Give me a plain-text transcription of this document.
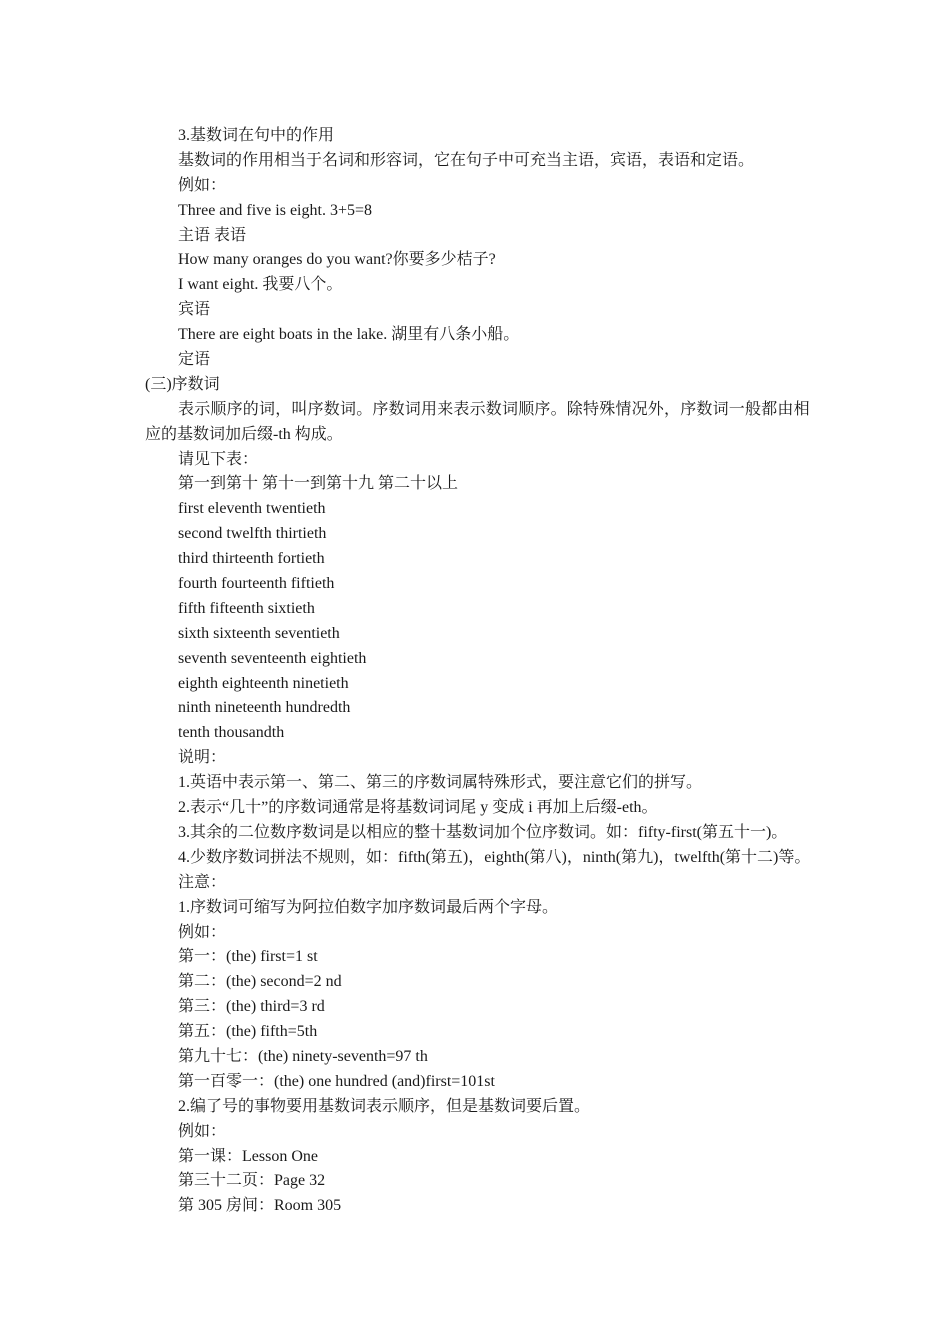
3.基数词在句中的作用
基数词的作用相当于名词和形容词，它在句子中可充当主语，宾语，表语和定语。
例如：
Three and five is eight. 3+5=8
主语 表语
How many oranges do you want?你要多少桔子?
I want eight. 我要八个。
宾语
There are eight boats in the lake. 湖里有八条小船。
定语
(三)序数词
表示顺序的词，叫序数词。序数词用来表示数词顺序。除特殊情况外，序数词一般都由相
应的基数词加后缀-th 构成。
请见下表：
第一到第十 第十一到第十九 第二十以上
first eleventh twentieth
second twelfth thirtieth
third thirteenth fortieth
fourth fourteenth fiftieth
fifth fifteenth sixtieth
sixth sixteenth seventieth
seventh seventeenth eightieth
eighth eighteenth ninetieth
ninth nineteenth hundredth
tenth thousandth
说明：
1.英语中表示第一、第二、第三的序数词属特殊形式，要注意它们的拼写。
2.表示“几十”的序数词通常是将基数词词尾 y 变成 i 再加上后缀-eth。
3.其余的二位数序数词是以相应的整十基数词加个位序数词。如：fifty-first(第五十一)。
4.少数序数词拼法不规则，如：fifth(第五)，eighth(第八)，ninth(第九)，twelfth(第十二)等。
注意：
1.序数词可缩写为阿拉伯数字加序数词最后两个字母。
例如：
第一：(the) first=1 st
第二：(the) second=2 nd
第三：(the) third=3 rd
第五：(the) fifth=5th
第九十七：(the) ninety-seventh=97 th
第一百零一：(the) one hundred (and)first=101st
2.编了号的事物要用基数词表示顺序，但是基数词要后置。
例如：
第一课：Lesson One
第三十二页：Page 32
第 305 房间：Room 305
